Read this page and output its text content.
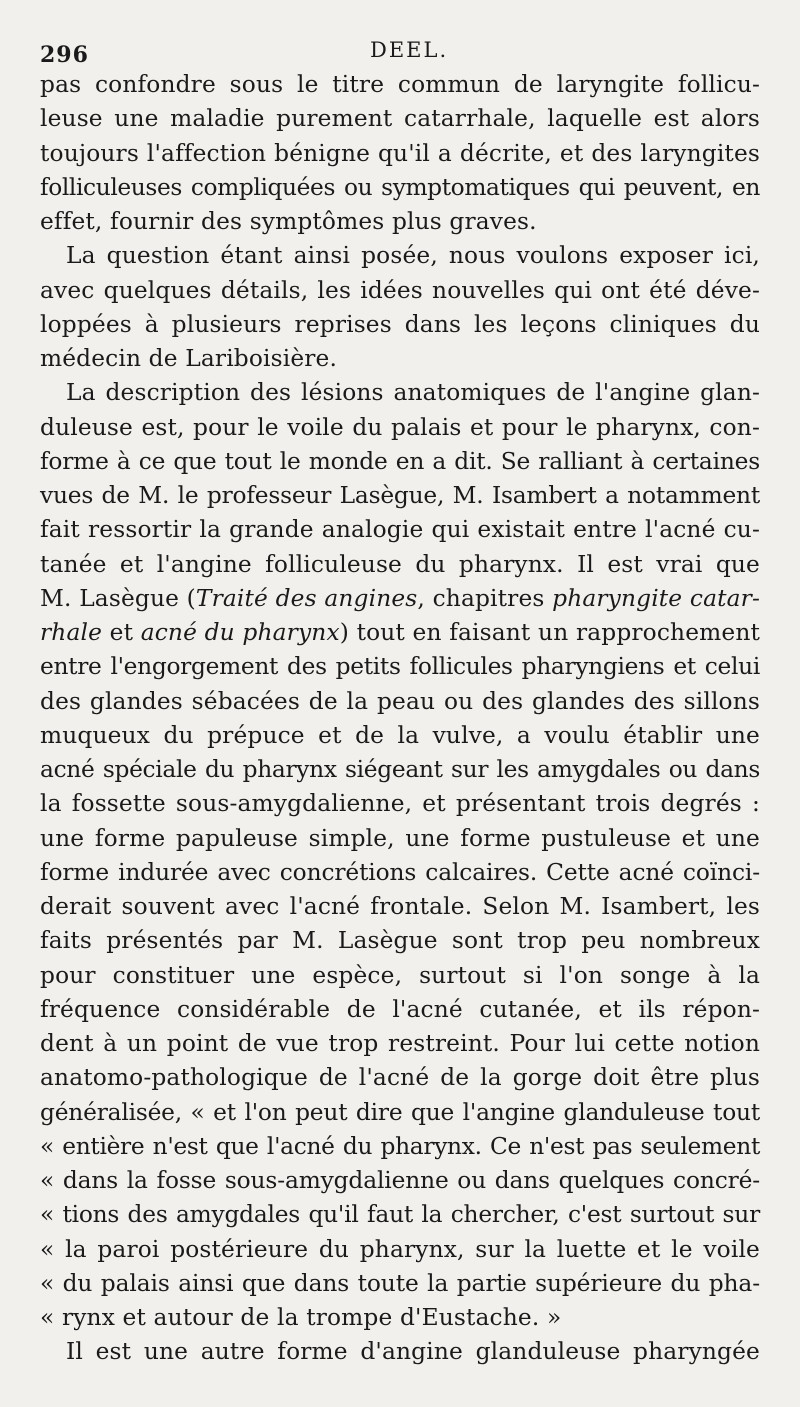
296	DEEL.

pas confondre sous le titre commun de laryngite follicu-
leuse une maladie purement catarrhale, laquelle est alors
toujours l'affection bénigne qu'il a décrite, et des laryngites
folliculeuses compliquées ou symptomatiques qui peuvent, en
effet, fournir des symptômes plus graves.

La question étant ainsi posée, nous voulons exposer ici,
avec quelques détails, les idées nouvelles qui ont été déve-
loppées à plusieurs reprises dans les leçons cliniques du
médecin de Lariboisière.

La description des lésions anatomiques de l'angine glan-
duleuse est, pour le voile du palais et pour le pharynx, con-
forme à ce que tout le monde en a dit. Se ralliant à certaines
vues de M. le professeur Lasègue, M. Isambert a notamment
fait ressortir la grande analogie qui existait entre l'acné cu-
tanée et l'angine folliculeuse du pharynx. Il est vrai que
M. Lasègue (Traité des angines, chapitres pharyngite catar-
rhale et acné du pharynx) tout en faisant un rapprochement
entre l'engorgement des petits follicules pharyngiens et celui
des glandes sébacées de la peau ou des glandes des sillons
muqueux du prépuce et de la vulve, a voulu établir une
acné spéciale du pharynx siégeant sur les amygdales ou dans
la fossette sous-amygdalienne, et présentant trois degrés :
une forme papuleuse simple, une forme pustuleuse et une
forme indurée avec concrétions calcaires. Cette acné coïnci-
derait souvent avec l'acné frontale. Selon M. Isambert, les
faits présentés par M. Lasègue sont trop peu nombreux
pour constituer une espèce, surtout si l'on songe à la
fréquence considérable de l'acné cutanée, et ils répon-
dent à un point de vue trop restreint. Pour lui cette notion
anatomo-pathologique de l'acné de la gorge doit être plus
généralisée, « et l'on peut dire que l'angine glanduleuse tout
« entière n'est que l'acné du pharynx. Ce n'est pas seulement
« dans la fosse sous-amygdalienne ou dans quelques concré-
« tions des amygdales qu'il faut la chercher, c'est surtout sur
« la paroi postérieure du pharynx, sur la luette et le voile
« du palais ainsi que dans toute la partie supérieure du pha-
« rynx et autour de la trompe d'Eustache. »

Il est une autre forme d'angine glanduleuse pharyngée
